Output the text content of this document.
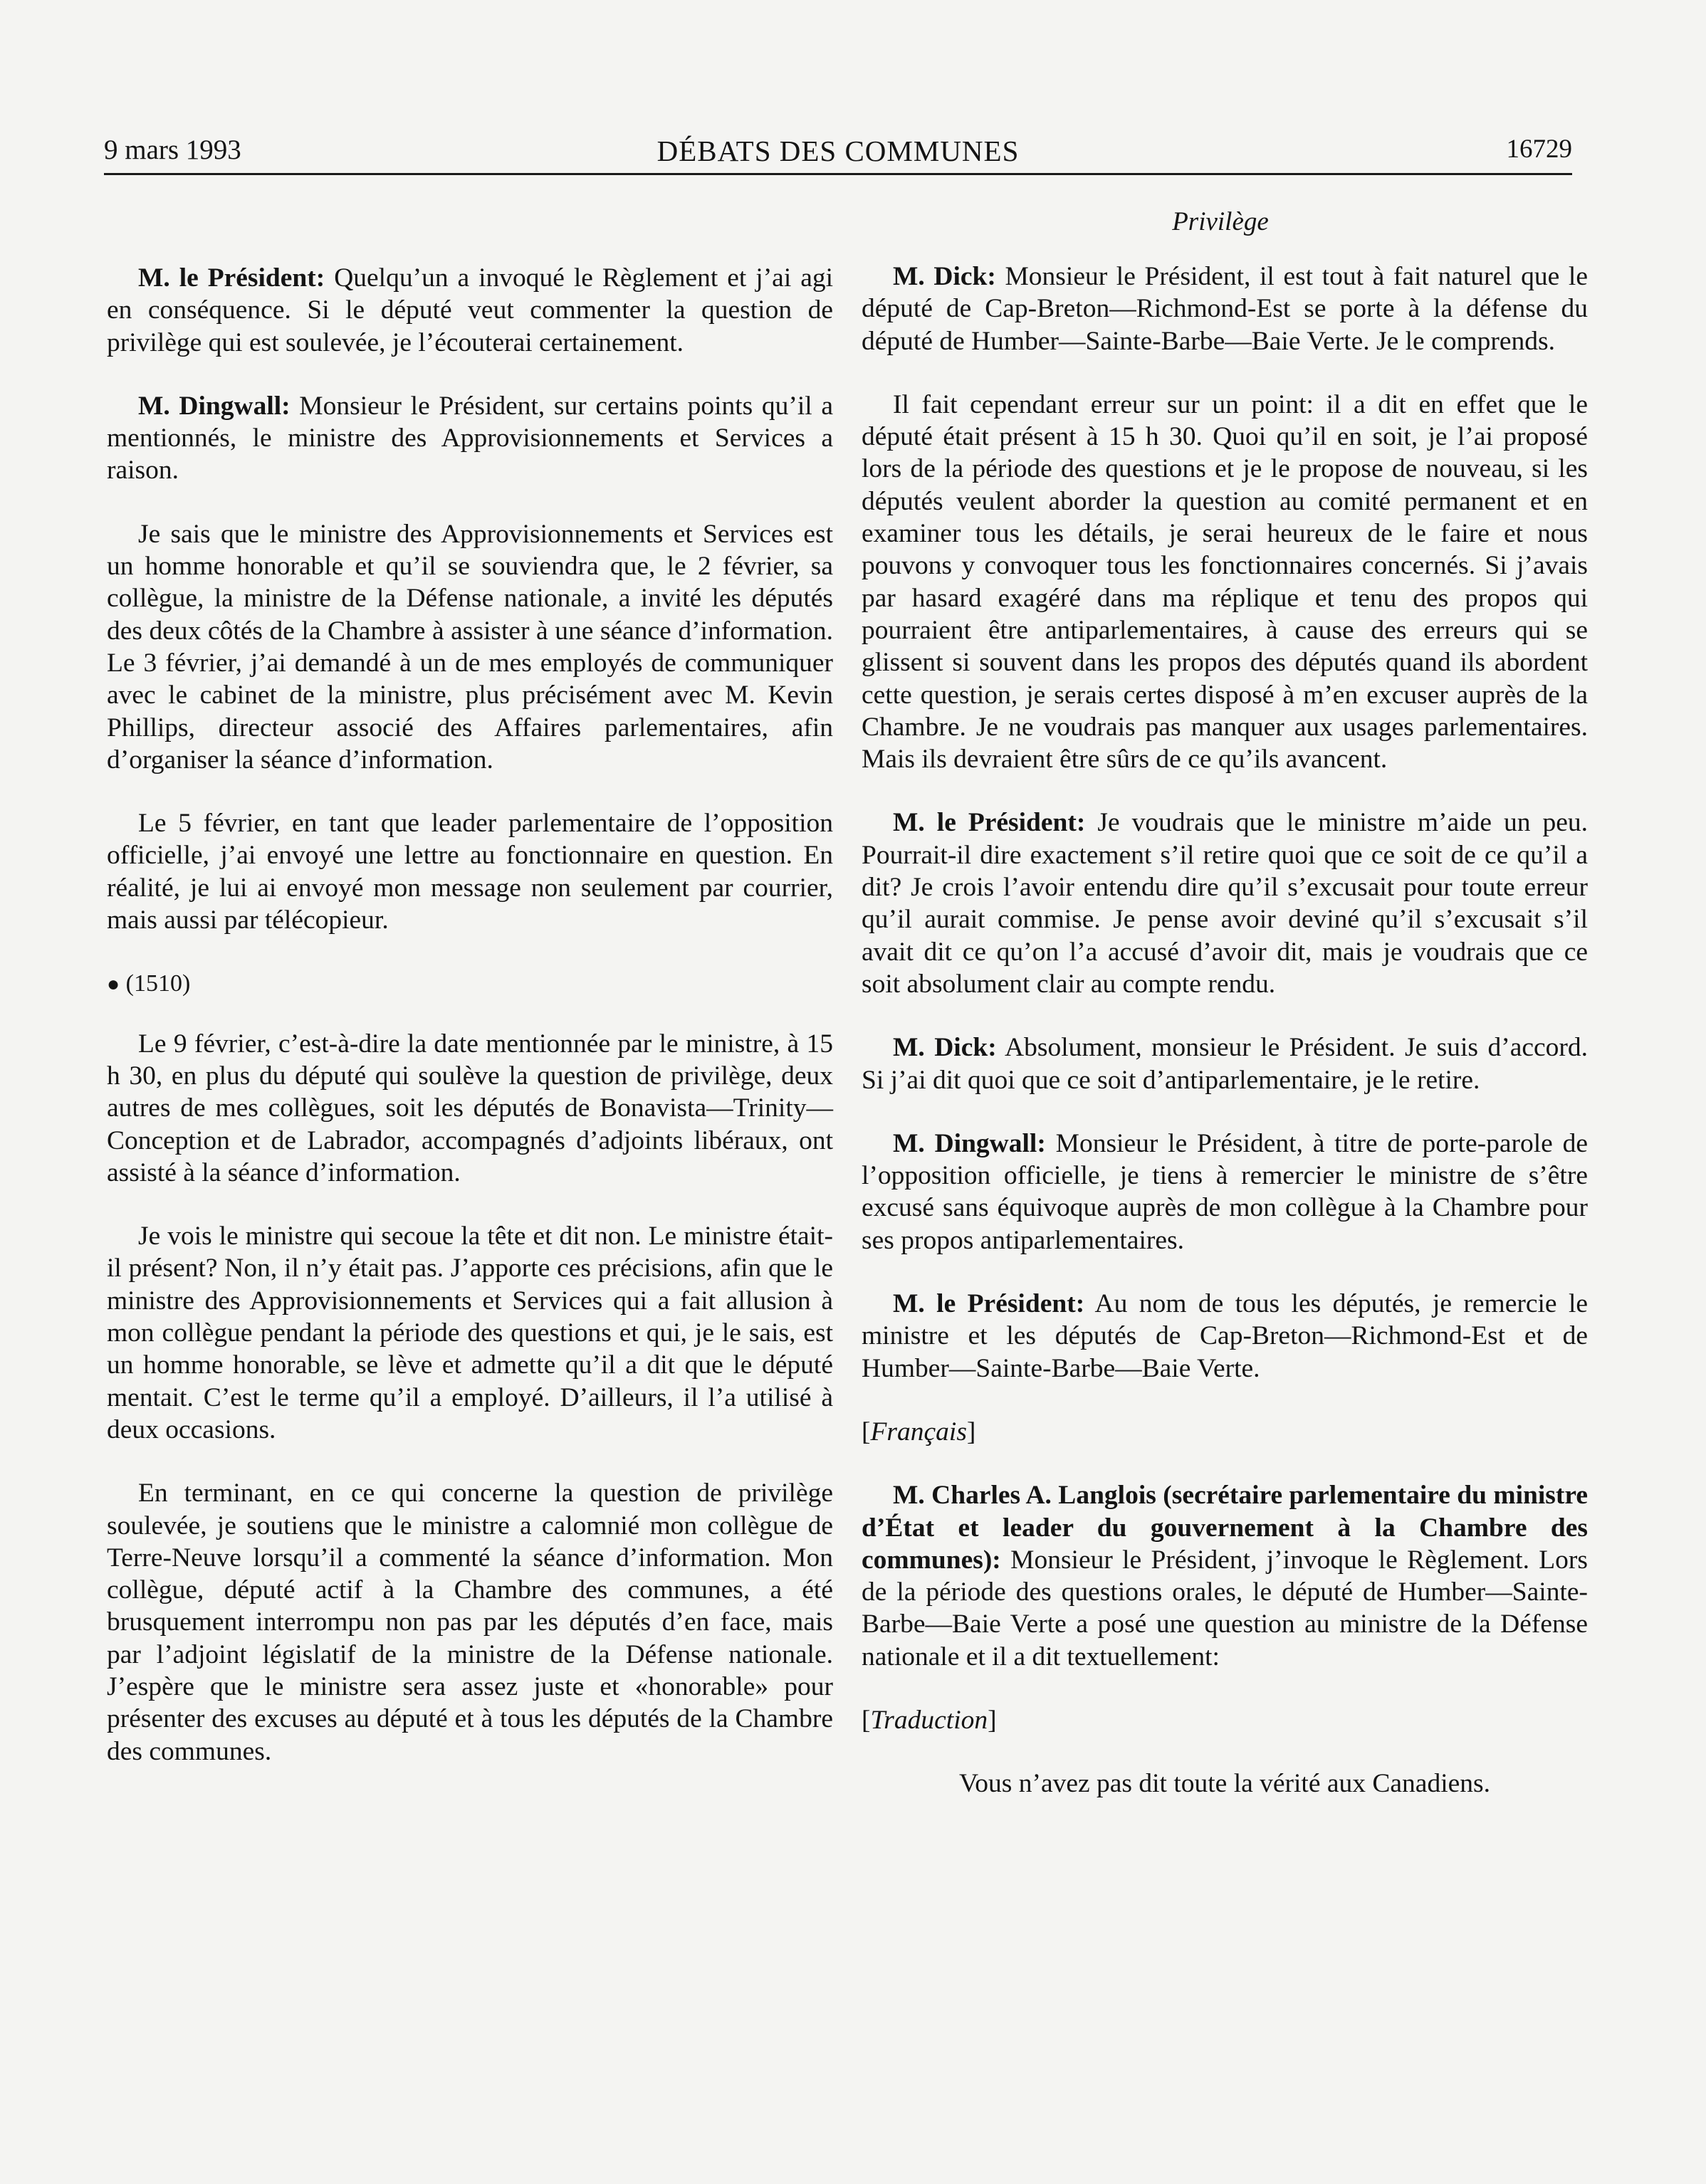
9 mars 1993	DÉBATS DES COMMUNES	16729
Privilège

M. le Président: Quelqu’un a invoqué le Règlement et j’ai agi en conséquence. Si le député veut commenter la question de privilège qui est soulevée, je l’écouterai certainement.

M. Dingwall: Monsieur le Président, sur certains points qu’il a mentionnés, le ministre des Approvisionnements et Services a raison.

Je sais que le ministre des Approvisionnements et Services est un homme honorable et qu’il se souviendra que, le 2 février, sa collègue, la ministre de la Défense nationale, a invité les députés des deux côtés de la Chambre à assister à une séance d’information. Le 3 février, j’ai demandé à un de mes employés de communiquer avec le cabinet de la ministre, plus précisément avec M. Kevin Phillips, directeur associé des Affaires parlementaires, afin d’organiser la séance d’information.

Le 5 février, en tant que leader parlementaire de l’opposition officielle, j’ai envoyé une lettre au fonctionnaire en question. En réalité, je lui ai envoyé mon message non seulement par courrier, mais aussi par télécopieur.

● (1510)

Le 9 février, c’est-à-dire la date mentionnée par le ministre, à 15 h 30, en plus du député qui soulève la question de privilège, deux autres de mes collègues, soit les députés de Bonavista—Trinity—Conception et de Labrador, accompagnés d’adjoints libéraux, ont assisté à la séance d’information.

Je vois le ministre qui secoue la tête et dit non. Le ministre était-il présent? Non, il n’y était pas. J’apporte ces précisions, afin que le ministre des Approvisionnements et Services qui a fait allusion à mon collègue pendant la période des questions et qui, je le sais, est un homme honorable, se lève et admette qu’il a dit que le député mentait. C’est le terme qu’il a employé. D’ailleurs, il l’a utilisé à deux occasions.

En terminant, en ce qui concerne la question de privilège soulevée, je soutiens que le ministre a calomnié mon collègue de Terre-Neuve lorsqu’il a commenté la séance d’information. Mon collègue, député actif à la Chambre des communes, a été brusquement interrompu non pas par les députés d’en face, mais par l’adjoint législatif de la ministre de la Défense nationale. J’espère que le ministre sera assez juste et «honorable» pour présenter des excuses au député et à tous les députés de la Chambre des communes.

M. Dick: Monsieur le Président, il est tout à fait naturel que le député de Cap-Breton—Richmond-Est se porte à la défense du député de Humber—Sainte-Barbe—Baie Verte. Je le comprends.

Il fait cependant erreur sur un point: il a dit en effet que le député était présent à 15 h 30. Quoi qu’il en soit, je l’ai proposé lors de la période des questions et je le propose de nouveau, si les députés veulent aborder la question au comité permanent et en examiner tous les détails, je serai heureux de le faire et nous pouvons y convoquer tous les fonctionnaires concernés. Si j’avais par hasard exagéré dans ma réplique et tenu des propos qui pourraient être antiparlementaires, à cause des erreurs qui se glissent si souvent dans les propos des députés quand ils abordent cette question, je serais certes disposé à m’en excuser auprès de la Chambre. Je ne voudrais pas manquer aux usages parlementaires. Mais ils devraient être sûrs de ce qu’ils avancent.

M. le Président: Je voudrais que le ministre m’aide un peu. Pourrait-il dire exactement s’il retire quoi que ce soit de ce qu’il a dit? Je crois l’avoir entendu dire qu’il s’excusait pour toute erreur qu’il aurait commise. Je pense avoir deviné qu’il s’excusait s’il avait dit ce qu’on l’a accusé d’avoir dit, mais je voudrais que ce soit absolument clair au compte rendu.

M. Dick: Absolument, monsieur le Président. Je suis d’accord. Si j’ai dit quoi que ce soit d’antiparlementaire, je le retire.

M. Dingwall: Monsieur le Président, à titre de porte-parole de l’opposition officielle, je tiens à remercier le ministre de s’être excusé sans équivoque auprès de mon collègue à la Chambre pour ses propos antiparlementaires.

M. le Président: Au nom de tous les députés, je remercie le ministre et les députés de Cap-Breton—Richmond-Est et de Humber—Sainte-Barbe—Baie Verte.

[Français]

M. Charles A. Langlois (secrétaire parlementaire du ministre d’État et leader du gouvernement à la Chambre des communes): Monsieur le Président, j’invoque le Règlement. Lors de la période des questions orales, le député de Humber—Sainte-Barbe—Baie Verte a posé une question au ministre de la Défense nationale et il a dit textuellement:

[Traduction]

Vous n’avez pas dit toute la vérité aux Canadiens.
